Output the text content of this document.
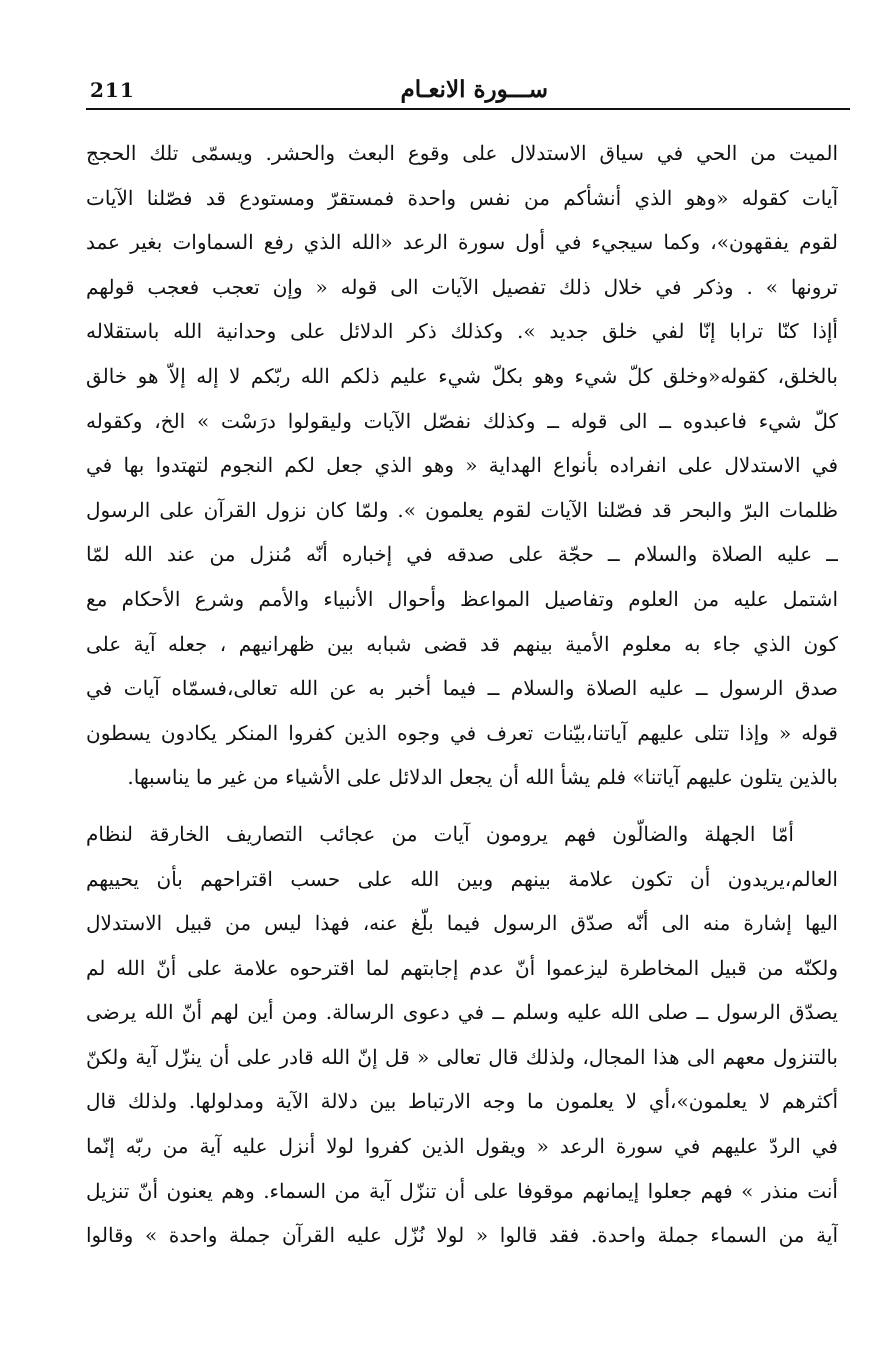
211	ســـورة الانعـام
الميت من الحي في سياق الاستدلال على وقوع البعث والحشر. ويسمّى تلك الحجج
آيات كقوله «وهو الذي أنشأكم من نفس واحدة فمستقرّ ومستودع قد فصّلنا الآيات
لقوم يفقهون»، وكما سيجيء في أول سورة الرعد «الله الذي رفع السماوات بغير عمد
ترونها » . وذكر في خلال ذلك تفصيل الآيات الى قوله « وإن تعجب فعجب قولهم
أإذا كنّا ترابا إنّا لفي خلق جديد ». وكذلك ذكر الدلائل على وحدانية الله باستقلاله
بالخلق، كقوله«وخلق كلّ شيء وهو بكلّ شيء عليم ذلكم الله ربّكم لا إله إلاّ هو خالق
كلّ شيء فاعبدوه ــ الى قوله ــ وكذلك نفصّل الآيات وليقولوا درَسْت » الخ، وكقوله
في الاستدلال على انفراده بأنواع الهداية « وهو الذي جعل لكم النجوم لتهتدوا بها في
ظلمات البرّ والبحر قد فصّلنا الآيات لقوم يعلمون ». ولمّا كان نزول القرآن على الرسول
ــ عليه الصلاة والسلام ــ حجّة على صدقه في إخباره أنّه مُنزل من عند الله لمّا
اشتمل عليه من العلوم وتفاصيل المواعظ وأحوال الأنبياء والأمم وشرع الأحكام مع
كون الذي جاء به معلوم الأمية بينهم قد قضى شبابه بين ظهرانيهم ، جعله آية على
صدق الرسول ــ عليه الصلاة والسلام ــ فيما أخبر به عن الله تعالى،فسمّاه آيات في
قوله « وإذا تتلى عليهم آياتنا،بيّنات تعرف في وجوه الذين كفروا المنكر يكادون يسطون
بالذين يتلون عليهم آياتنا» فلم يشأ الله أن يجعل الدلائل على الأشياء من غير ما يناسبها.
أمّا الجهلة والضالّون فهم يرومون آيات من عجائب التصاريف الخارقة لنظام
العالم،يريدون أن تكون علامة بينهم وبين الله على حسب اقتراحهم بأن يحييهم
اليها إشارة منه الى أنّه صدّق الرسول فيما بلّغ عنه، فهذا ليس من قبيل الاستدلال
ولكنّه من قبيل المخاطرة ليزعموا أنّ عدم إجابتهم لما اقترحوه علامة على أنّ الله لم
يصدّق الرسول ــ صلى الله عليه وسلم ــ في دعوى الرسالة. ومن أين لهم أنّ الله يرضى
بالتنزول معهم الى هذا المجال، ولذلك قال تعالى « قل إنّ الله قادر على أن ينزّل آية ولكنّ
أكثرهم لا يعلمون»،أي لا يعلمون ما وجه الارتباط بين دلالة الآية ومدلولها. ولذلك قال
في الردّ عليهم في سورة الرعد « ويقول الذين كفروا لولا أنزل عليه آية من ربّه إنّما
أنت منذر » فهم جعلوا إيمانهم موقوفا على أن تنزّل آية من السماء. وهم يعنون أنّ تنزيل
آية من السماء جملة واحدة. فقد قالوا « لولا نُزّل عليه القرآن جملة واحدة » وقالوا
